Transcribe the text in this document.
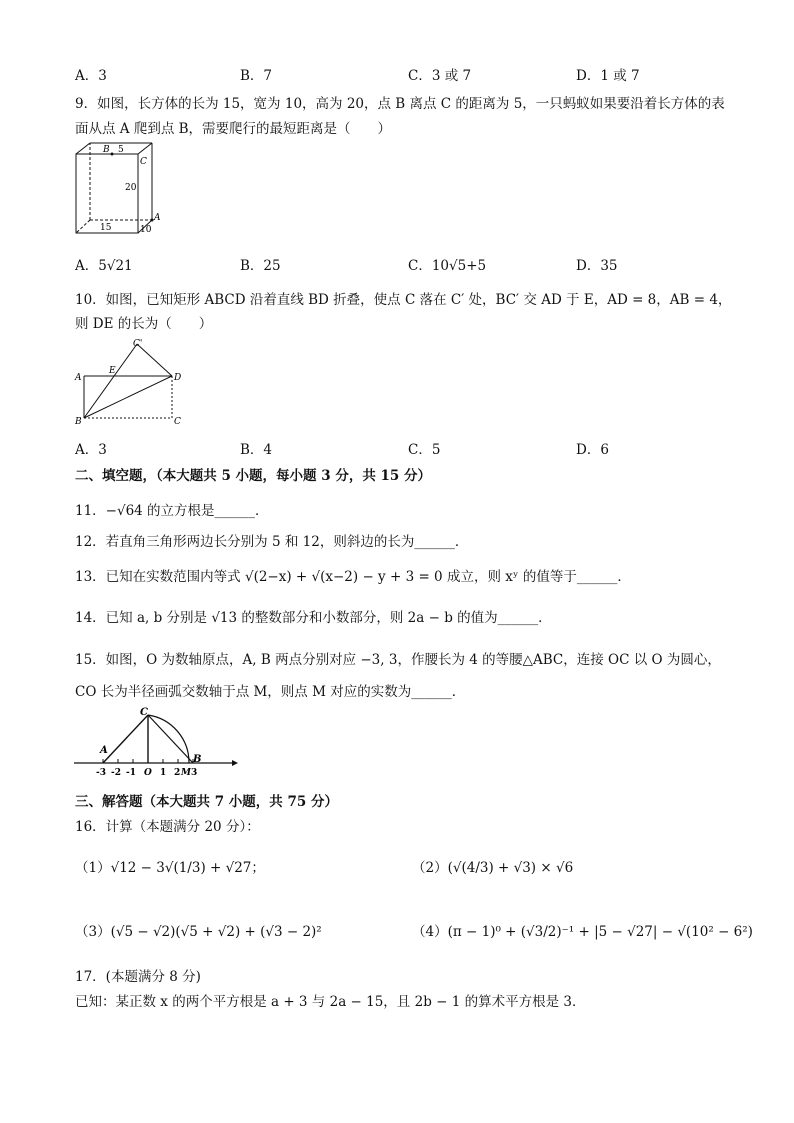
A．3	B．7	C．3 或 7	D．1 或 7
9．如图，长方体的长为 15，宽为 10，高为 20，点 B 离点 C 的距离为 5，一只蚂蚁如果要沿着长方体的表
面从点 A 爬到点 B，需要爬行的最短距离是（　　）
B 5
C
20
A
15	10
A．5√21	B．25	C．10√5+5	D．35
10．如图，已知矩形 ABCD 沿着直线 BD 折叠，使点 C 落在 C′ 处，BC′ 交 AD 于 E，AD = 8，AB = 4，
则 DE 的长为（　　）
C'
A
E
D
B	C
A．3	B．4	C．5	D．6
二、填空题，（本大题共 5 小题，每小题 3 分，共 15 分）
11．−√64 的立方根是______．
12．若直角三角形两边长分别为 5 和 12，则斜边的长为______．
13．已知在实数范围内等式 √(2−x) + √(x−2) − y + 3 = 0 成立，则 xʸ 的值等于______．
14．已知 a, b 分别是 √13 的整数部分和小数部分，则 2a − b 的值为______．
15．如图，O 为数轴原点，A, B 两点分别对应 −3, 3，作腰长为 4 的等腰△ABC，连接 OC 以 O 为圆心，
CO 长为半径画弧交数轴于点 M，则点 M 对应的实数为______．
C
A
B
-3 -2 -1 O 1 2 M 3
三、解答题（本大题共 7 小题，共 75 分）
16．计算（本题满分 20 分）：
（1）√12 − 3√(1/3) + √27；	（2）(√(4/3) + √3) × √6
（3）(√5 − √2)(√5 + √2) + (√3 − 2)²	（4）(π − 1)⁰ + (√3/2)⁻¹ + |5 − √27| − √(10² − 6²)
17．(本题满分 8 分)
已知：某正数 x 的两个平方根是 a + 3 与 2a − 15，且 2b − 1 的算术平方根是 3．
